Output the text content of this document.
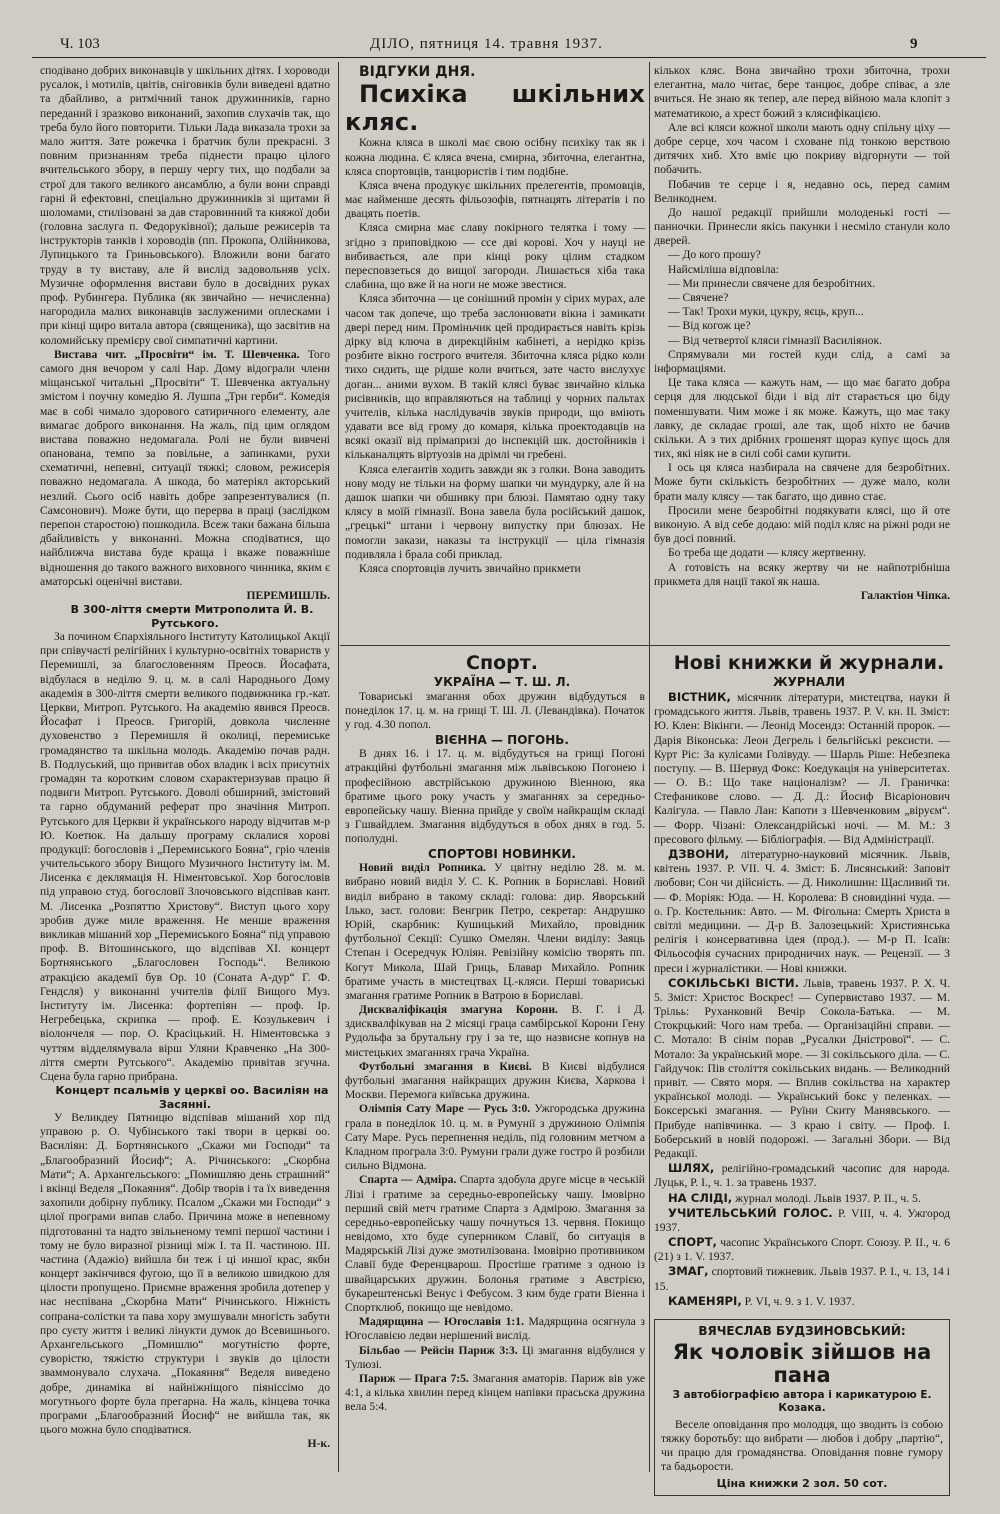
Ч. 103	ДІЛО, пятниця 14. травня 1937.	9

сподівано добрих виконавців у шкільних дітях. І хороводи русалок, і мотилів, цвітів, сніговиків були виведені вдатно та дбайливо, а ритмічний танок дружинників, гарно переданий і зразково виконаний, захопив слухачів так, що треба було його повторити. Тільки Лада виказала трохи за мало життя. Зате рожечка і братчик були прекрасні. З повним признанням треба піднести працю цілого вчительського збору, в першу чергу тих, що подбали за строї для такого великого ансамблю, а були вони справді гарні й ефектовні, спеціально дружинників зі щитами й шоломами, стилізовані за дав старовинний та княжої доби (головна заслуга п. Федоруківної); дальше режисерів та інструкторів танків і хороводів (пп. Прокопа, Олійникова, Лупицького та Гриньовського). Вложили вони багато труду в ту виставу, але й вислід задовольняв усіх. Музичне оформлення вистави було в досвідних руках проф. Рубингера. Публика (як звичайно — нечисленна) нагородила малих виконавців заслуженими оплесками і при кінці щиро витала автора (священика), що засвітив на коломийську премієру свої симпатичні картини.

Вистава чит. „Просвіти“ ім. Т. Шевченка. Того самого дня вечором у салі Нар. Дому відограли члени міщанської читальні „Просвіти“ Т. Шевченка актуальну змістом і поучну комедію Я. Лушпа „Три герби“. Комедія має в собі чимало здорового сатиричного елементу, але вимагає доброго виконання. На жаль, під цим оглядом вистава поважно недомагала. Ролі не були вивчені опанована, темпо за повільне, а запинками, рухи схематичні, непевні, ситуації тяжкі; словом, режисерія поважно недомагала. А шкода, бо матеріял акторський незлий. Сього осіб навіть добре запрезентувалися (п. Самсонович). Може бути, що перерва в праці (заслідком перепон старостою) пошкодила. Всеж таки бажана більша дбайливість у виконанні. Можна сподіватися, що найближча вистава буде краща і вкаже поважніше відношення до такого важного виховного чинника, яким є аматорські оценічні вистави.

ПЕРЕМИШЛЬ.

В 300-ліття смерти Митрополита Й. В. Рутського.

За почином Єпархіяльного Інституту Католицької Акції при співучасті релігійних і культурно-освітніх товариств у Перемишлі, за благословенням Преосв. Йосафата, відбулася в неділю 9. ц. м. в салі Народнього Дому академія в 300-ліття смерти великого подвижника гр.-кат. Церкви, Митроп. Рутського. На академію явився Преосв. Йосафат і Преосв. Григорій, довкола численне духовенство з Перемишля й околиці, перемиське громадянство та шкільна молодь. Академію почав радн. В. Подлуський, що привитав обох владик і всіх присутніх громадян та коротким словом схарактеризував працю й подвиги Митроп. Рутського. Доволі обширний, змістовий та гарно обдуманий реферат про значіння Митроп. Рутського для Церкви й українського народу відчитав м-р Ю. Коетюк. На дальшу програму склалися хорові продукції: богословів і „Перемиського Бояна“, гріо членів учительського збору Вищого Музичного Інституту ім. М. Лисенка є деклямація Н. Німентовської. Хор богословів під управою студ. богословії Злочовського відспівав кант. М. Лисенка „Розпяттю Христову“. Виступ цього хору зробив дуже миле враження. Не менше враження викликав мішаний хор „Перемиського Бояна“ під управою проф. В. Вітошинського, що відспівав XI. концерт Бортнянського „Благословен Господь“. Великою атракцією академії був Ор. 10 (Соната А-дур“ Г. Ф. Гендсля) у виконанні учителів філії Вищого Муз. Інституту ім. Лисенка: фортепіян — проф. Ір. Негребецька, скрипка — проф. Е. Козулькевич і віолончеля — пор. О. Красіцький. Н. Німентовська з чуттям відделямувала вірш Уляни Кравченко „На 300-ліття смерти Рутського“. Академію привітав згучна. Сцена була гарно прибрана.

Концерт псальмів у церкві оо. Василіян на Засянні.

У Великдеу Пятницю відспівав мішаний хор під управою р. О. Чубінського такі твори в церкві оо. Василіян: Д. Бортнянського „Скажи ми Господи“ та „Благообразний Йосиф“; А. Річинського: „Скорбна Мати“; А. Архангельського: „Помишляю день страшний“ і вкінці Веделя „Покаяння“. Добір творів і та їх виведення захопили добірну публику. Псалом „Скажи ми Господи“ з цілої програми випав слабо. Причина може в непевному підготованні та надто звільненому темпі першої частини і тому не було виразної різниці між І. та ІІ. частиною. ІІІ. частина (Адажіо) вийшла би теж і ці иншої крас, якби концерт закінчився фугою, що її в великою швидкою для цілости пропущено. Приємне враження зробила дотепер у нас неспівана „Скорбна Мати“ Річинського. Ніжність сопрана-солістки та пава хору змушували многість забути про суєту життя і великі лінукти думок до Всевишнього. Архангельського „Помишлю“ могутністю форте, суворістю, тяжістю структури і звуків до цілости зваммонувало слухача. „Покаяння“ Веделя виведено добре, динаміка ві найніжніщого піяніссімо до могутнього форте була прегарна. На жаль, кінцева точка програми „Благообразний Йосиф“ не вийшла так, як цього можна було сподіватися.

Н-к.

ВІДГУКИ ДНЯ.

Психіка шкільних кляс.

Кожна кляса в школі має свою осібну психіку так як і кожна людина. Є кляса вчена, смирна, збиточна, елегантна, кляса спортовців, танцюристів і тим подібне.

Кляса вчена продукує шкільних прелегентів, промовців, має найменше десять фільозофів, пятнацять літератів і по двацять поетів.

Кляса смирна має славу покірного телятка і тому — згідно з приповідкою — ссе дві корові. Хоч у науці не вибивається, але при кінці року цілим стадком пересповзеться до вищої загороди. Лишається хіба така слабина, що вже й на ноги не може звестися.

Кляса збиточна — це сонішний промін у сірих мурах, але часом так допече, що треба заслонювати вікна і замикати двері перед ним. Проміньчик цей продирається навіть крізь дірку від ключа в дирекційнім кабінеті, а нерідко крізь розбите вікно гострого вчителя. Збиточна кляса рідко коли тихо сидить, ще рідше коли вчиться, зате часто вислухує доган... аними вухом. В такій клясі буває звичайно кілька рисівників, що вправляються на таблиці у чорних пальтах учителів, кілька наслідувачів звуків природи, що вміють удавати все від грому до комаря, кілька проектодавців на всякі оказії від прімапризі до інспекцій шк. достойників і кільканалцять віртуозів на дрімлі чи гребені.

Кляса елегантів ходить завжди як з голки. Вона заводить нову моду не тільки на форму шапки чи мундурку, але й на дашок шапки чи обшивку при блюзі. Памятаю одну таку клясу в моїй гімназії. Вона завела була російський дашок, „грецькі“ штани і червону випустку при блюзах. Не помогли закази, наказы та інструкції — ціла гімназія подивляла і брала собі приклад.

Кляса спортовців лучить звичайно прикмети

кількох кляс. Вона звичайно трохи збиточна, трохи елегантна, мало читає, бере танцює, добре співає, а зле вчиться. Не знаю як тепер, але перед війною мала клопіт з математикою, а хрест божий з клясифікацією.

Але всі кляси кожної школи мають одну спільну ціху — добре серце, хоч часом і сховане під тонкою верствою дитячих хиб. Хто вміє цю покриву відгорнути — той побачить.

Побачив те серце і я, недавно ось, перед самим Великоднем.

До нашої редакції прийшли молоденькі гості — панночки. Принесли якісь пакунки і несміло станули коло дверей.

— До кого прошу?

Найсміліша відповіла:

— Ми принесли свячене для безробітних.

— Свячене?

— Так! Трохи муки, цукру, яєць, круп...

— Від когож це?

— Від четвертої кляси гімназії Василіянок.

Спрямували ми гостей куди слід, а самі за інформаціями.

Це така кляса — кажуть нам, — що має багато добра серця для людської біди і від літ старається цю біду поменшувати. Чим може і як може. Кажуть, що має таку лавку, де складає гроші, але так, щоб ніхто не бачив скільки. А з тих дрібних грошенят щораз купує щось для тих, які ніяк не в силі собі сами купити.

І ось ця кляса назбирала на свячене для безробітних. Може бути скількість безробітних — дуже мало, коли брати малу клясу — так багато, що дивно стає.

Просили мене безробітні подякувати клясі, що й оте виконую. А від себе додаю: мій поділ кляс на ріжні роди не був досі повний.

Бо треба ще додати — клясу жертвенну.

А готовість на всяку жертву чи не найпотрібніша прикмета для нації такої як наша.

Галактіон Чіпка.

Спорт.

УКРАЇНА — Т. Ш. Л.

Товариські змагання обох дружин відбудуться в понеділок 17. ц. м. на грищі Т. Ш. Л. (Левандівка). Початок у год. 4.30 попол.

ВІЄННА — ПОГОНЬ.

В днях 16. і 17. ц. м. відбудуться на грищі Погоні атракційні футбольні змагання між львівською Погонею і професійною австрійською дружиною Віенною, яка братиме цього року участь у змаганнях за середньо-европейську чашу. Віенна прийде у своїм найкращім складі з Гшвайдлем. Змагання відбудуться в обох днях в год. 5. пополудні.

СПОРТОВІ НОВИНКИ.

Новий виділ Ропника. У цвітну неділю 28. м. м. вибрано новий виділ У. С. К. Ропник в Бориславі. Новий виділ вибрано в такому складі: голова: дир. Яворський Ілько, заст. голови: Венгрик Петро, секретар: Андрушко Юрій, скарбник: Кушицький Михайло, провідник футбольної Секції: Сушко Омелян. Члени виділу: Заяць Степан і Осередчук Юліян. Ревізійну комісію творять пп. Когут Микола, Шай Гриць, Блавар Михайло. Ропник братиме участь в мистецтвах Ц.-кляси. Перші товариські змагання гратиме Ропник в Ватрою в Бориславі.

Дискваліфікація змагуна Корони. В. Г. і Д. здисквалфікував на 2 місяці граца самбірської Корони Гену Рудольфа за брутальну гру і за те, що назвисне копнув на мистецьких змаганнях грача Україна.

Футбольні змагання в Києві. В Києві відбулися футбольні змагання найкращих дружин Києва, Харкова і Москви. Перемога київська дружина.

Олімпія Сату Маре — Русь 3:0. Ужгородська дружина грала в понеділок 10. ц. м. в Румунії з дружиною Олімпія Сату Маре. Русь перепнення неділь, під головним метчом а Кладном програла 3:0. Румуни грали дуже гостро й розбили сильно Відмона.

Спарта — Адміра. Спарта здобула друге місце в чеській Лізі і гратиме за середньо-европейську чашу. Імовірно перший свій метч гратиме Спарта з Адмірою. Змагання за середньо-европейську чашу почнуться 13. червня. Покищо невідомо, хто буде суперником Славії, бо ситуація в Мадярській Лізі дуже змотилізована. Імовірно противником Славії буде Ференцварош. Простіше гратиме з одною із швайцарських дружин. Болонья гратиме з Австрією, букарештенські Венус і Фебусом. З ким буде грати Віенна і Спортклюб, покищо ще невідомо.

Мадярщина — Югославія 1:1. Мадярщина осягнула з Югославією ледви нерішений вислід.

Більбао — Рейсін Париж 3:3. Ці змагання відбулися у Тулюзі.

Париж — Прага 7:5. Змагання аматорів. Париж вів уже 4:1, а кілька хвилин перед кінцем напівки прасьска дружина вела 5:4.

Нові книжки й журнали.

ЖУРНАЛИ

ВІСТНИК, місячник літератури, мистецтва, науки й громадського життя. Львів, травень 1937. Р. V. кн. II. Зміст: Ю. Клен: Вікінги. — Леонід Мосендз: Останній пророк. — Дарія Віконська: Леон Дегрель і бельгійські рексисти. — Курт Ріс: За кулісами Голівуду. — Шарль Ріше: Небезпека поступу. — В. Шеpвуд Фокс: Коедукація на університетах. — О. В.: Що таке націоналізм? — Л. Граничка: Стефаникове слово. — Д. Д.: Йосиф Вісаріонович Калігула. — Павло Лан: Капоти з Шевченковим „віруєм“. — Форр. Чізані: Олександрійські ночі. — М. М.: З пресового фільму. — Бібліографія. — Від Адміністрації.

ДЗВОНИ, літературно-науковий місячник. Львів, квітень 1937. Р. VII. Ч. 4. Зміст: Б. Лисянський: Заповіт любови; Сон чи дійсність. — Д. Николишин: Щасливий ти. — Ф. Моріяк: Юда. — Н. Королева: В сновидінні чуда. — о. Гр. Костельник: Авто. — М. Фігольна: Смерть Христа в світлі медицини. — Д-р В. Залозецький: Християнська релігія і консервативна ідея (прод.). — М-р П. Ісаїв: Фільософія сучасних природничих наук. — Рецензії. — З преси і журналістики. — Нові книжки.

СОКІЛЬСЬКІ ВІСТИ. Львів, травень 1937. Р. Х. Ч. 5. Зміст: Христос Воскрес! — Супервиставо 1937. — М. Трільь: Руханковий Вечір Сокола-Батька. — М. Стокрцький: Чого нам треба. — Організаційні справи. — С. Мотало: В сінім порав „Русалки Дністрової“. — С. Мотало: За український море. — Зі сокільського діла. — С. Гайдучок: Пів століття сокільських видань. — Великодний привіт. — Свято моря. — Вплив сокільства на характер української молоді. — Український бокс у пеленках. — Боксерські змагання. — Руїни Скиту Манявського. — Прибуде напівчинка. — З краю і світу. — Проф. І. Боберський в новій подорожі. — Загальні Збори. — Від Редакції.

ШЛЯХ, релігійно-громадський часопис для народа. Луцьк, Р. І., ч. 1. за травень 1937.

НА СЛІДІ, журнал молоді. Львів 1937. Р. II., ч. 5.

УЧИТЕЛЬСЬКИЙ ГОЛОС. Р. VIII, ч. 4. Ужгород 1937.

СПОРТ, часопис Українського Спорт. Союзу. Р. II., ч. 6 (21) з 1. V. 1937.

ЗМАГ, спортовий тижневик. Львів 1937. Р. І., ч. 13, 14 і 15.

КАМЕНЯРІ, Р. VI, ч. 9. з 1. V. 1937.

ВЯЧЕСЛАВ БУДЗИНОВСЬКИЙ:
Як чоловік зійшов на пана
З автобіографією автора і карикатурою Е. Козака.
Веселе оповідання про молодця, що зводить із собою тяжку боротьбу: що вибрати — любов і добру „партію“, чи працю для громадянства. Оповідання повне гумору та бадьорости.
Ціна книжки 2 зол. 50 сот.
